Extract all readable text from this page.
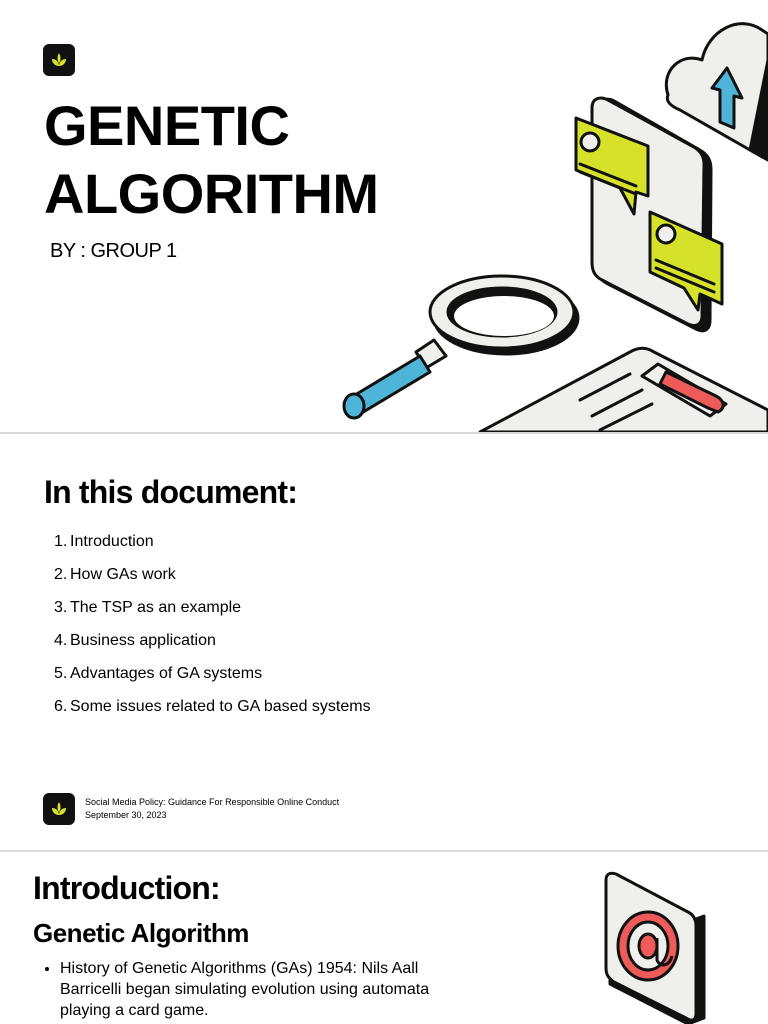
GENETIC
ALGORITHM
BY : GROUP 1
In this document:
1. Introduction
2. How GAs work
3. The TSP as an example
4. Business application
5. Advantages of GA systems
6. Some issues related to GA based systems
Social Media Policy: Guidance For Responsible Online Conduct
September 30, 2023
Introduction:
Genetic Algorithm
• History of Genetic Algorithms (GAs) 1954: Nils Aall Barricelli began simulating evolution using automata playing a card game.
